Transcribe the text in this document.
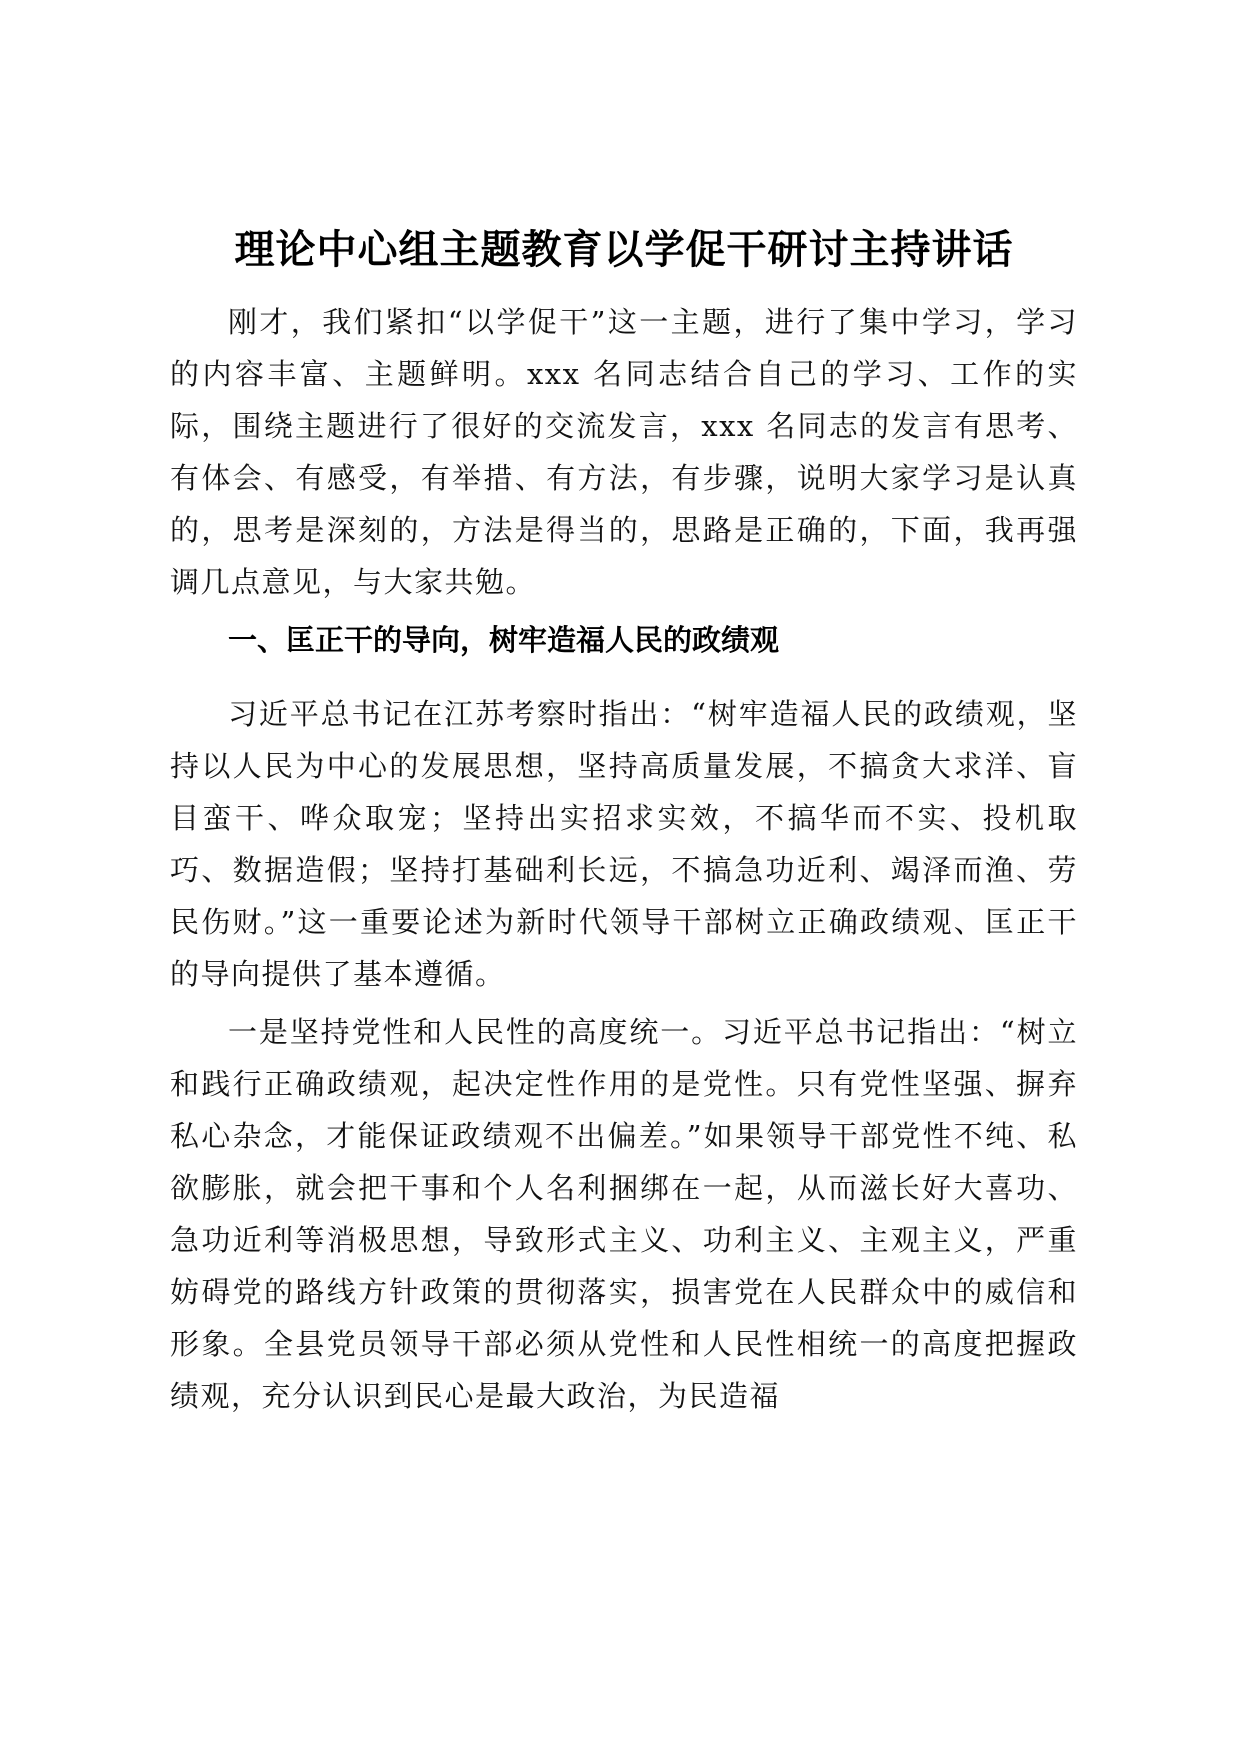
理论中心组主题教育以学促干研讨主持讲话

刚才，我们紧扣“以学促干”这一主题，进行了集中学习，学习的内容丰富、主题鲜明。xxx 名同志结合自己的学习、工作的实际，围绕主题进行了很好的交流发言，xxx 名同志的发言有思考、有体会、有感受，有举措、有方法，有步骤，说明大家学习是认真的，思考是深刻的，方法是得当的，思路是正确的，下面，我再强调几点意见，与大家共勉。

一、匡正干的导向，树牢造福人民的政绩观

习近平总书记在江苏考察时指出：“树牢造福人民的政绩观，坚持以人民为中心的发展思想，坚持高质量发展，不搞贪大求洋、盲目蛮干、哗众取宠；坚持出实招求实效，不搞华而不实、投机取巧、数据造假；坚持打基础利长远，不搞急功近利、竭泽而渔、劳民伤财。”这一重要论述为新时代领导干部树立正确政绩观、匡正干的导向提供了基本遵循。

一是坚持党性和人民性的高度统一。习近平总书记指出：“树立和践行正确政绩观，起决定性作用的是党性。只有党性坚强、摒弃私心杂念，才能保证政绩观不出偏差。”如果领导干部党性不纯、私欲膨胀，就会把干事和个人名利捆绑在一起，从而滋长好大喜功、急功近利等消极思想，导致形式主义、功利主义、主观主义，严重妨碍党的路线方针政策的贯彻落实，损害党在人民群众中的威信和形象。全县党员领导干部必须从党性和人民性相统一的高度把握政绩观，充分认识到民心是最大政治，为民造福
